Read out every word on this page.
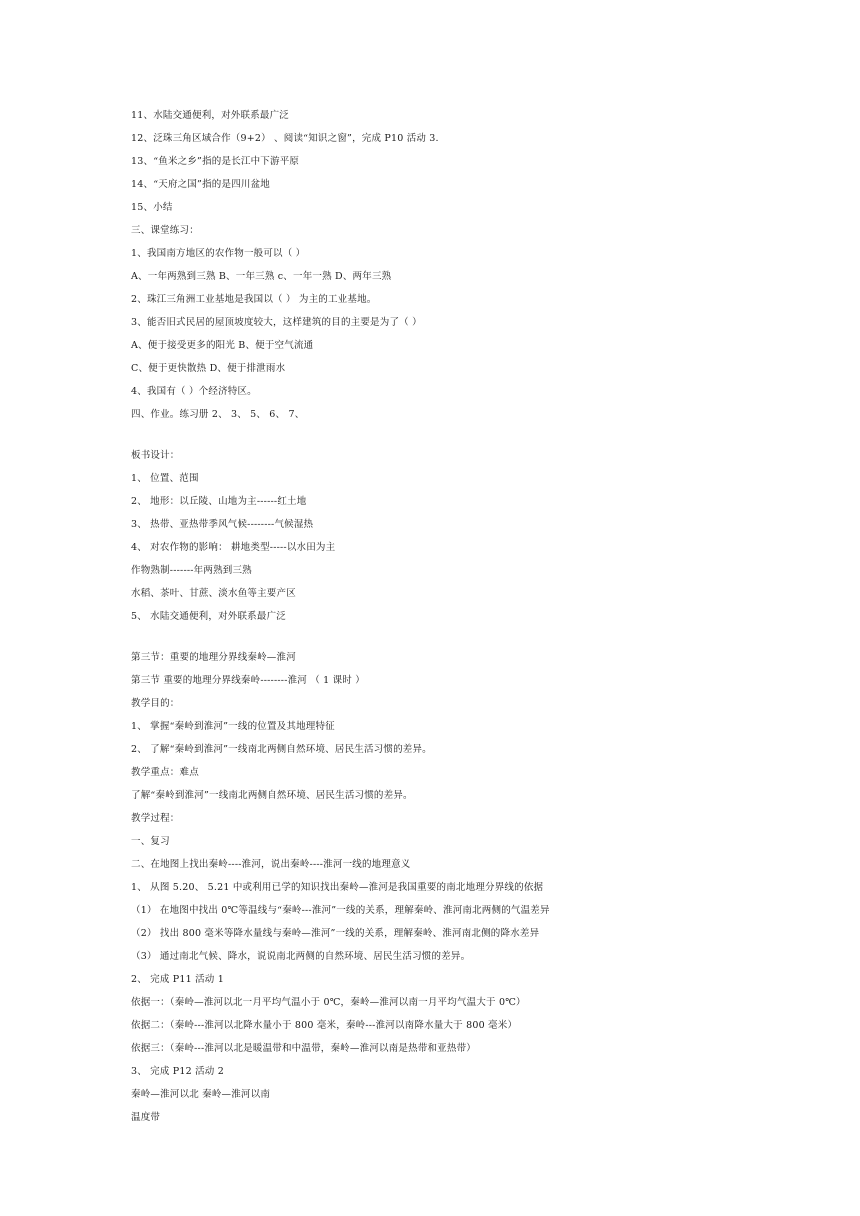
11、水陆交通便利，对外联系最广泛
12、泛珠三角区域合作（9+2） 、阅读“知识之窗”，完成 P10 活动 3.
13、“鱼米之乡”指的是长江中下游平原
14、“天府之国”指的是四川盆地
15、小结
三、课堂练习：
1、我国南方地区的农作物一般可以（ ）
A、一年两熟到三熟 B、一年三熟 c、一年一熟 D、两年三熟
2、珠江三角洲工业基地是我国以（ ） 为主的工业基地。
3、能否旧式民居的屋顶坡度较大，这样建筑的目的主要是为了（ ）
A、便于接受更多的阳光 B、便于空气流通
C、便于更快散热 D、便于排泄雨水
4、我国有（ ）个经济特区。
四、作业。练习册 2、 3、 5、 6、 7、
板书设计：
1、 位置、范围
2、 地形：以丘陵、山地为主------红土地
3、 热带、亚热带季风气候--------气候湿热
4、 对农作物的影响： 耕地类型-----以水田为主
作物熟制-------年两熟到三熟
水稻、茶叶、甘蔗、淡水鱼等主要产区
5、 水陆交通便利，对外联系最广泛
第三节：重要的地理分界线秦岭—淮河
第三节 重要的地理分界线秦岭--------淮河 （ 1 课时 ）
教学目的：
1、 掌握“秦岭到淮河”一线的位置及其地理特征
2、 了解“秦岭到淮河”一线南北两侧自然环境、居民生活习惯的差异。
教学重点：难点
了解“秦岭到淮河”一线南北两侧自然环境、居民生活习惯的差异。
教学过程：
一、复习
二、在地图上找出秦岭----淮河，说出秦岭----淮河一线的地理意义
1、 从图 5.20、 5.21 中或利用已学的知识找出秦岭—淮河是我国重要的南北地理分界线的依据
（1） 在地图中找出 0℃等温线与“秦岭---淮河”一线的关系，理解秦岭、淮河南北两侧的气温差异
（2） 找出 800 毫米等降水量线与秦岭—淮河”一线的关系，理解秦岭、淮河南北侧的降水差异
（3） 通过南北气候、降水，说说南北两侧的自然环境、居民生活习惯的差异。
2、 完成 P11 活动 1
依据一：（秦岭—淮河以北一月平均气温小于 0℃，秦岭—淮河以南一月平均气温大于 0℃）
依据二：（秦岭---淮河以北降水量小于 800 毫米，秦岭---淮河以南降水量大于 800 毫米）
依据三：（秦岭---淮河以北是暖温带和中温带，秦岭—淮河以南是热带和亚热带）
3、 完成 P12 活动 2
秦岭—淮河以北 秦岭—淮河以南
温度带
